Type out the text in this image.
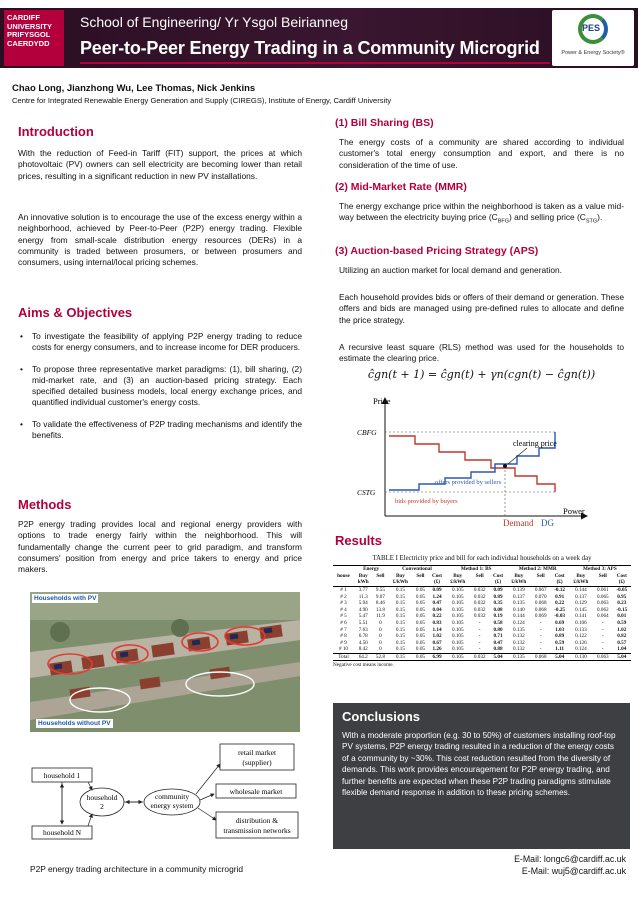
CARDIFF
UNIVERSITY
PRIFYSGOL
CAERDYDD
School of Engineering/ Yr Ysgol Beirianneg
Peer-to-Peer Energy Trading in a Community Microgrid
PES
Power & Energy Society®
Chao Long, Jianzhong Wu, Lee Thomas, Nick Jenkins
Centre for Integrated Renewable Energy Generation and Supply (CIREGS), Institute of Energy, Cardiff University
Introduction

With the reduction of Feed-in Tariff (FIT) support, the prices at which photovoltaic (PV) owners can sell electricity are becoming lower than retail prices, resulting in a significant reduction in new PV installations.

An innovative solution is to encourage the use of the excess energy within a neighborhood, achieved by Peer-to-Peer (P2P) energy trading. Flexible energy from small-scale distribution energy resources (DERs) in a community is traded between prosumers, or between prosumers and consumers, using internal/local pricing schemes.

Aims & Objectives
• To investigate the feasibility of applying P2P energy trading to reduce costs for energy consumers, and to increase income for DER producers.
• To propose three representative market paradigms: (1), bill sharing, (2) mid-market rate, and (3) an auction-based pricing strategy. Each specified detailed business models, local energy exchange prices, and quantified individual customer's energy costs.
• To validate the effectiveness of P2P trading mechanisms and identify the benefits.
Methods

P2P energy trading provides local and regional energy providers with options to trade energy fairly within the neighborhood. This will fundamentally change the current peer to grid paradigm, and transform consumers' position from energy and price takers to energy and price makers.

Households with PV
Households without PV
household 1
household N
household
2
community
energy system
retail market
(supplier)
wholesale market
distribution &
transmission networks
P2P energy trading architecture in a community microgrid
(1) Bill Sharing (BS)

The energy costs of a community are shared according to individual customer's total energy consumption and export, and there is no consideration of the time of use.

(2) Mid-Market Rate (MMR)

The energy exchange price within the neighborhood is taken as a value mid-way between the electricity buying price $(C_{BFG})$ and selling price $(C_{STG})$.

(3) Auction-based Pricing Strategy (APS)

Utilizing an auction market for local demand and generation.

Each household provides bids or offers of their demand or generation. These offers and bids are managed using pre-defined rules to allocate and define the price strategy.

A recursive least square (RLS) method was used for the households to estimate the clearing price.

ĉgn(t + 1) = ĉgn(t) + γn(cgn(t) − ĉgn(t))
Price
Power
CBFG
CSTG
clearing price
offers provided by sellers
bids provided by buyers
Demand DG
Results
TABLE I Electricity price and bill for each individual households on a week day
	Energy		Conventional			Method 1: BS			Method 2: MMR			Method 3: APS		
house	Buy	Sell	Buy	Sell	Cost	Buy	Sell	Cost	Buy	Sell	Cost	Buy	Sell	Cost
	kWh		£/kWh		(£)	£/kWh		(£)	£/kWh		(£)	£/kWh		(£)
# 1	3.77	9.55	0.15	0.05	0.09	0.105	0.032	0.09	0.139	0.067	-0.12	0.144	0.061	-0.05
# 2	11.3	9.07	0.15	0.05	1.24	0.105	0.032	0.89	0.137	0.070	0.91	0.137	0.065	0.95
# 3	5.94	8.46	0.15	0.05	0.47	0.105	0.032	0.35	0.135	0.068	0.22	0.129	0.063	0.23
# 4	4.90	13.8	0.15	0.05	0.04	0.105	0.032	0.08	0.140	0.068	-0.25	0.145	0.062	-0.15
# 5	5.47	11.9	0.15	0.05	0.22	0.105	0.032	0.19	0.144	0.069	-0.03	0.141	0.064	0.01
# 6	5.51	0	0.15	0.05	0.83	0.105	-	0.58	0.124	-	0.69	0.106	-	0.59
# 7	7.63	0	0.15	0.05	1.14	0.105	-	0.80	0.135	-	1.03	0.133	-	1.02
# 8	6.78	0	0.15	0.05	1.02	0.105	-	0.71	0.132	-	0.89	0.122	-	0.82
# 9	4.50	0	0.15	0.05	0.67	0.105	-	0.47	0.132	-	0.59	0.126	-	0.57
# 10	8.42	0	0.15	0.05	1.26	0.105	-	0.88	0.132	-	1.11	0.124	-	1.04
Total	64.2	52.8	0.15	0.05	6.99	0.105	0.032	5.04	0.135	0.068	5.04	0.130	0.063	5.04
Negative cost means income.
Conclusions

With a moderate proportion (e.g. 30 to 50%) of customers installing roof-top PV systems, P2P energy trading resulted in a reduction of the energy costs of a community by ~30%. This cost reduction resulted from the diversity of demands. This work provides encouragement for P2P energy trading, and further benefits are expected when these P2P trading paradigms stimulate flexible demand response in addition to these pricing schemes.

E-Mail: longc6@cardiff.ac.uk
E-Mail: wuj5@cardiff.ac.uk
